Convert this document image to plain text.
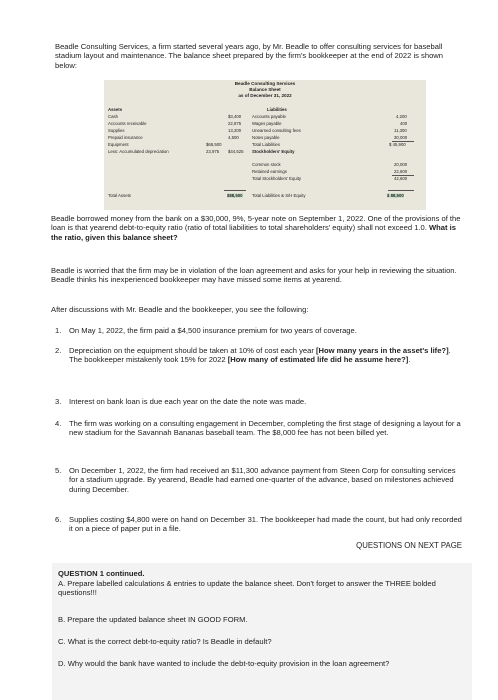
Beadle Consulting Services, a firm started several years ago, by Mr. Beadle to offer consulting services for baseball stadium layout and maintenance. The balance sheet prepared by the firm's bookkeeper at the end of 2022 is shown below:
Beadle Consulting Services
Balance Sheet
as of December 31, 2022
Assets
Cash	$3,400
Accounts receivable	22,875
Supplies	13,200
Prepaid insurance	4,500
Equipment	$68,500
Less: Accumulated depreciation	23,975 $44,525
Total Assets	$88,500
Liabilities
Accounts payable	4,200
Wages payable	400
Unearned consulting fees	11,300
Notes payable	30,000
Total Liabilities	$ 45,900
Stockholders' Equity
Common stock	20,000
Retained earnings	22,600
Total Stockholders' Equity	42,600
Total Liabilities & S/H Equity	$ 88,500
Beadle borrowed money from the bank on a $30,000, 9%, 5-year note on September 1, 2022. One of the provisions of the loan is that yearend debt-to-equity ratio (ratio of total liabilities to total shareholders' equity) shall not exceed 1.0. What is the ratio, given this balance sheet?
Beadle is worried that the firm may be in violation of the loan agreement and asks for your help in reviewing the situation. Beadle thinks his inexperienced bookkeeper may have missed some items at yearend.
After discussions with Mr. Beadle and the bookkeeper, you see the following:
1. On May 1, 2022, the firm paid a $4,500 insurance premium for two years of coverage.
2. Depreciation on the equipment should be taken at 10% of cost each year [How many years in the asset's life?]. The bookkeeper mistakenly took 15% for 2022 [How many of estimated life did he assume here?].
3. Interest on bank loan is due each year on the date the note was made.
4. The firm was working on a consulting engagement in December, completing the first stage of designing a layout for a new stadium for the Savannah Bananas baseball team. The $8,000 fee has not been billed yet.
5. On December 1, 2022, the firm had received an $11,300 advance payment from Steen Corp for consulting services for a stadium upgrade. By yearend, Beadle had earned one-quarter of the advance, based on milestones achieved during December.
6. Supplies costing $4,800 were on hand on December 31. The bookkeeper had made the count, but had only recorded it on a piece of paper put in a file.
QUESTIONS ON NEXT PAGE
QUESTION 1 continued.
A. Prepare labelled calculations & entries to update the balance sheet. Don't forget to answer the THREE bolded questions!!!
B. Prepare the updated balance sheet IN GOOD FORM.
C. What is the correct debt-to-equity ratio? Is Beadle in default?
D. Why would the bank have wanted to include the debt-to-equity provision in the loan agreement?
